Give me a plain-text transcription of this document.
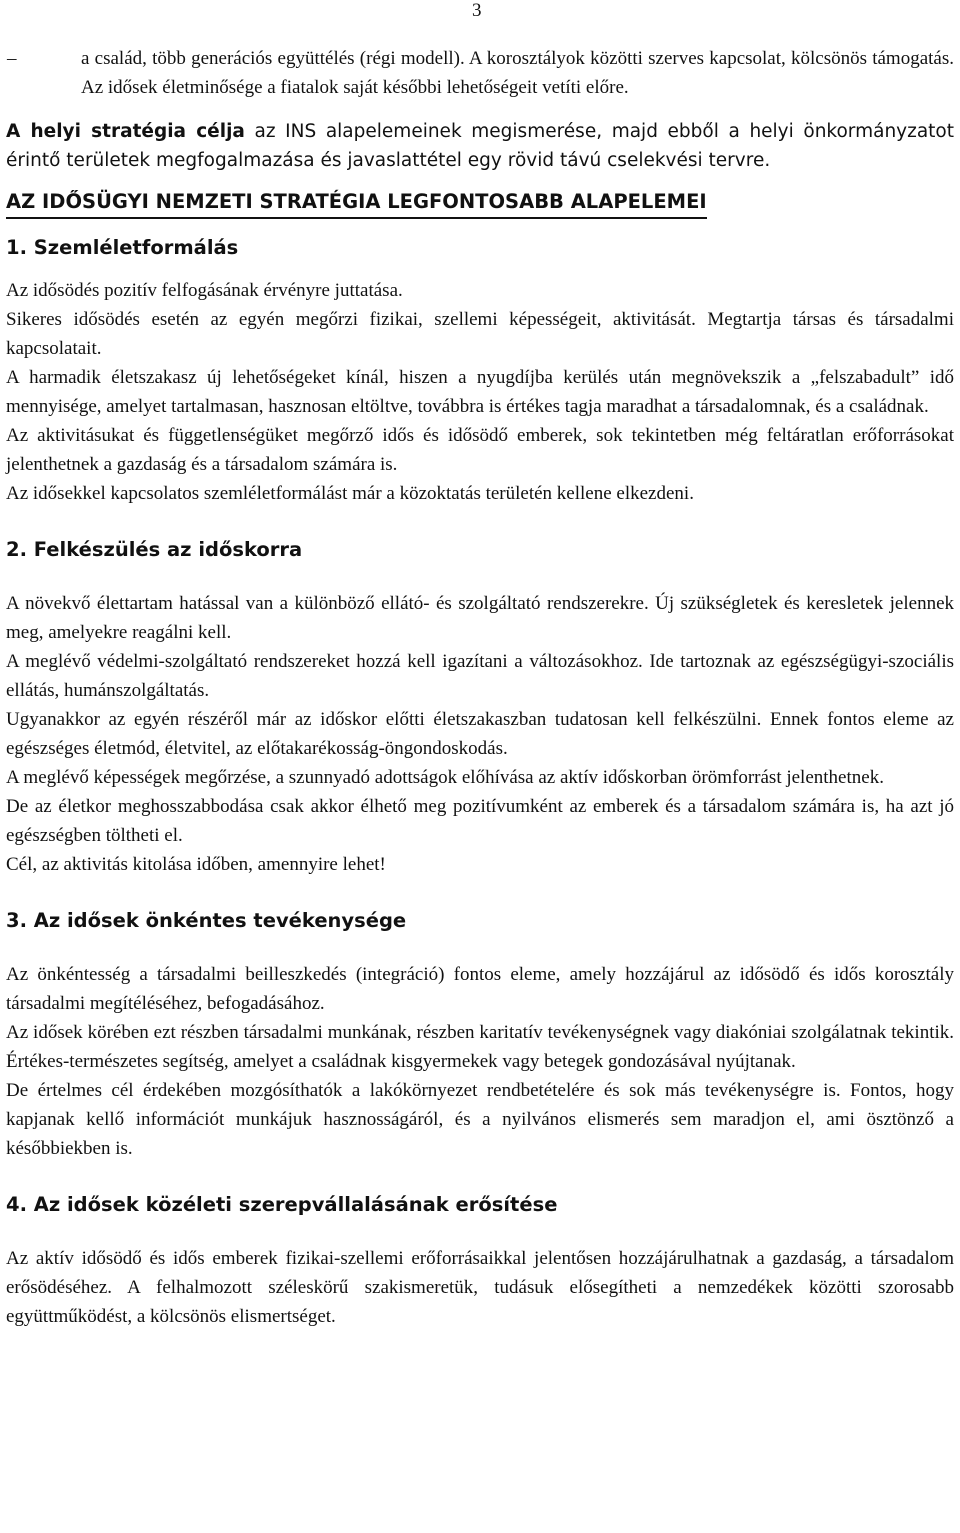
3
–	a család, több generációs együttélés (régi modell). A korosztályok közötti szerves kapcsolat, kölcsönös támogatás. Az idősek életminősége a fiatalok saját későbbi lehetőségeit vetíti előre.

A helyi stratégia célja az INS alapelemeinek megismerése, majd ebből a helyi önkormányzatot érintő területek megfogalmazása és javaslattétel egy rövid távú cselekvési tervre.

AZ IDŐSÜGYI NEMZETI STRATÉGIA LEGFONTOSABB ALAPELEMEI
1. Szemléletformálás

Az idősödés pozitív felfogásának érvényre juttatása.

Sikeres idősödés esetén az egyén megőrzi fizikai, szellemi képességeit, aktivitását. Megtartja társas és társadalmi kapcsolatait.

A harmadik életszakasz új lehetőségeket kínál, hiszen a nyugdíjba kerülés után megnövekszik a „felszabadult” idő mennyisége, amelyet tartalmasan, hasznosan eltöltve, továbbra is értékes tagja maradhat a társadalomnak, és a családnak.

Az aktivitásukat és függetlenségüket megőrző idős és idősödő emberek, sok tekintetben még feltáratlan erőforrásokat jelenthetnek a gazdaság és a társadalom számára is.

Az idősekkel kapcsolatos szemléletformálást már a közoktatás területén kellene elkezdeni.

2. Felkészülés az időskorra

A növekvő élettartam hatással van a különböző ellátó- és szolgáltató rendszerekre. Új szükségletek és keresletek jelennek meg, amelyekre reagálni kell.

A meglévő védelmi-szolgáltató rendszereket hozzá kell igazítani a változásokhoz. Ide tartoznak az egészségügyi-szociális ellátás, humánszolgáltatás.

Ugyanakkor az egyén részéről már az időskor előtti életszakaszban tudatosan kell felkészülni. Ennek fontos eleme az egészséges életmód, életvitel, az előtakarékosság-öngondoskodás.

A meglévő képességek megőrzése, a szunnyadó adottságok előhívása az aktív időskorban örömforrást jelenthetnek.

De az életkor meghosszabbodása csak akkor élhető meg pozitívumként az emberek és a társadalom számára is, ha azt jó egészségben töltheti el.

Cél, az aktivitás kitolása időben, amennyire lehet!

3. Az idősek önkéntes tevékenysége

Az önkéntesség a társadalmi beilleszkedés (integráció) fontos eleme, amely hozzájárul az idősödő és idős korosztály társadalmi megítéléséhez, befogadásához.

Az idősek körében ezt részben társadalmi munkának, részben karitatív tevékenységnek vagy diakóniai szolgálatnak tekintik. Értékes-természetes segítség, amelyet a családnak kisgyermekek vagy betegek gondozásával nyújtanak.

De értelmes cél érdekében mozgósíthatók a lakókörnyezet rendbetételére és sok más tevékenységre is. Fontos, hogy kapjanak kellő információt munkájuk hasznosságáról, és a nyilvános elismerés sem maradjon el, ami ösztönző a későbbiekben is.

4. Az idősek közéleti szerepvállalásának erősítése

Az aktív idősödő és idős emberek fizikai-szellemi erőforrásaikkal jelentősen hozzájárulhatnak a gazdaság, a társadalom erősödéséhez. A felhalmozott széleskörű szakismeretük, tudásuk elősegítheti a nemzedékek közötti szorosabb együttműködést, a kölcsönös elismertséget.
